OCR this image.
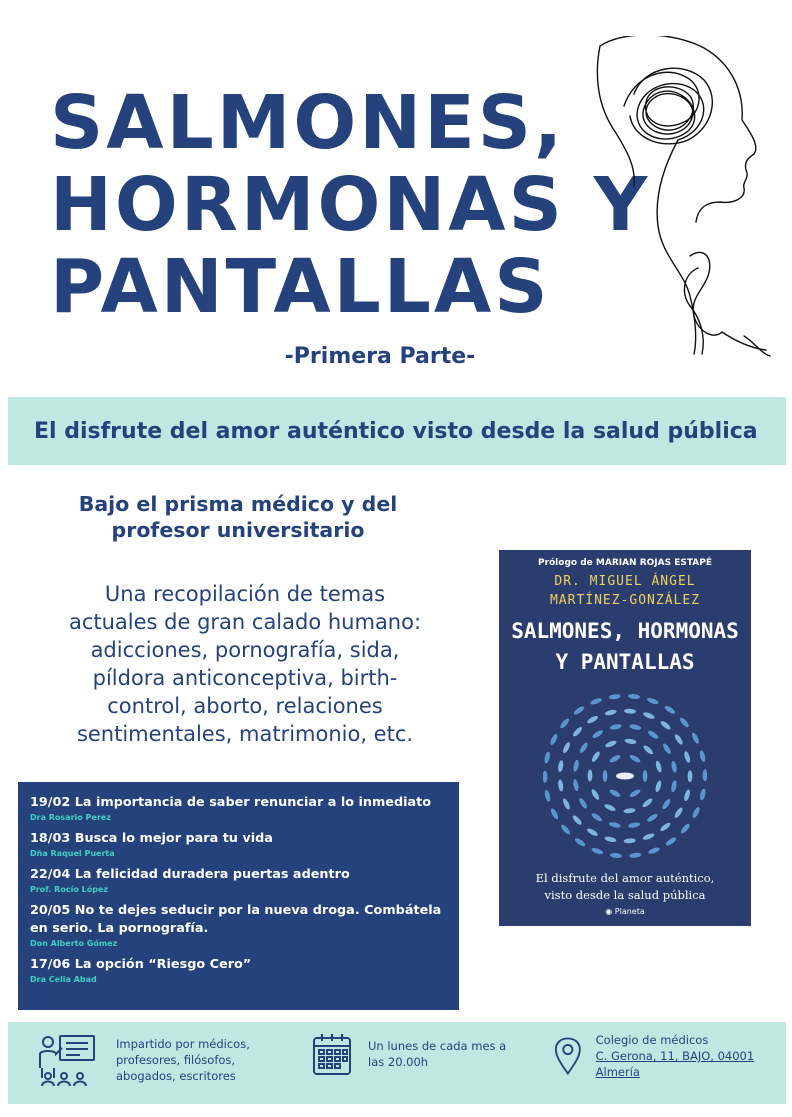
SALMONES,
HORMONAS Y
PANTALLAS
-Primera Parte-
El disfrute del amor auténtico visto desde la salud pública
Bajo el prisma médico y del
profesor universitario
Una recopilación de temas
actuales de gran calado humano:
adicciones, pornografía, sida,
píldora anticonceptiva, birth-
control, aborto, relaciones
sentimentales, matrimonio, etc.
19/02 La importancia de saber renunciar a lo inmediato
Dra Rosario Perez
18/03 Busca lo mejor para tu vida
Dña Raquel Puerta
22/04 La felicidad duradera puertas adentro
Prof. Rocío López
20/05 No te dejes seducir por la nueva droga. Combátela en serio. La pornografía.
Don Alberto Gómez
17/06 La opción “Riesgo Cero”
Dra Celia Abad
Prólogo de MARIAN ROJAS ESTAPÉ
DR. MIGUEL ÁNGEL
MARTÍNEZ-GONZÁLEZ
SALMONES, HORMONAS
Y PANTALLAS
El disfrute del amor auténtico,
visto desde la salud pública
◉ Planeta
Impartido por médicos,
profesores, filósofos,
abogados, escritores
Un lunes de cada mes a
las 20.00h
Colegio de médicos
C. Gerona, 11, BAJO, 04001 Almería
